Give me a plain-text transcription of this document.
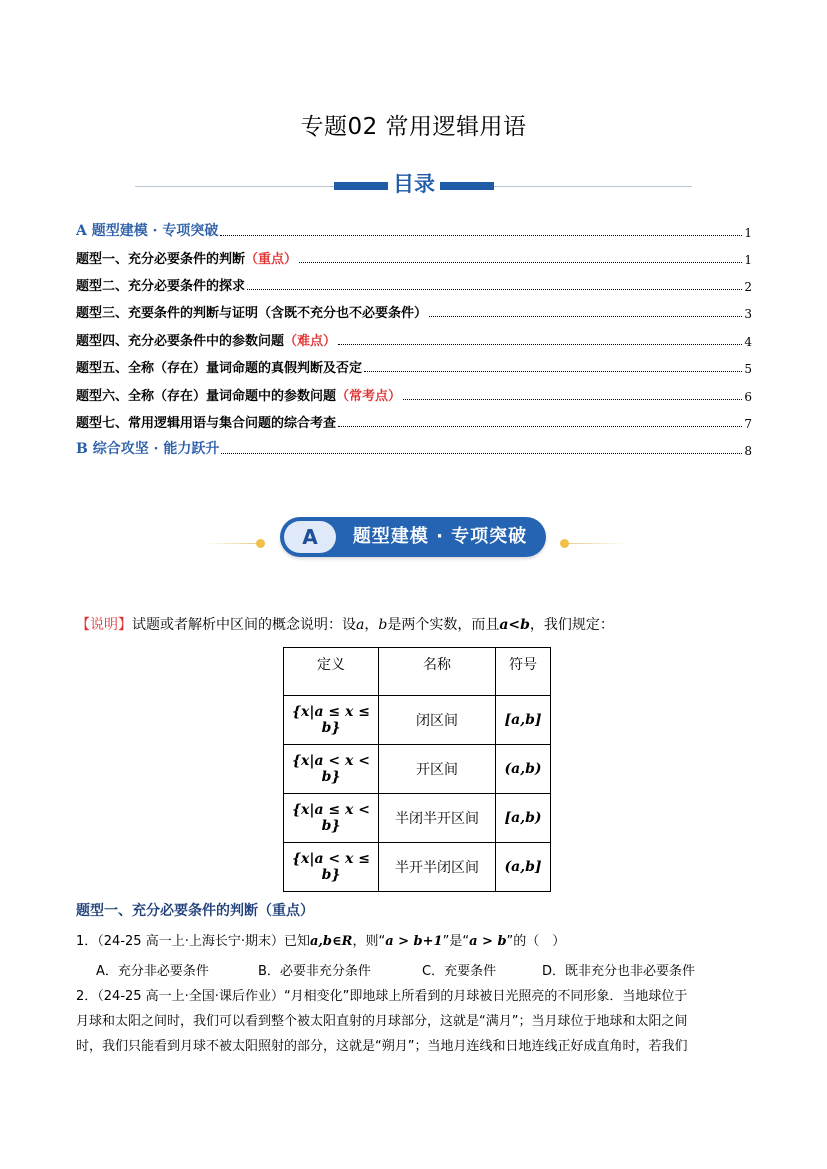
专题02 常用逻辑用语
目录
A 题型建模 · 专项突破	1
题型一、充分必要条件的判断（重点）	1
题型二、充分必要条件的探求	2
题型三、充要条件的判断与证明（含既不充分也不必要条件）	3
题型四、充分必要条件中的参数问题（难点）	4
题型五、全称（存在）量词命题的真假判断及否定	5
题型六、全称（存在）量词命题中的参数问题（常考点）	6
题型七、常用逻辑用语与集合问题的综合考查	7
B 综合攻坚 · 能力跃升	8
A	题型建模 · 专项突破
【说明】试题或者解析中区间的概念说明：设a，b是两个实数，而且a<b，我们规定：
定义	名称	符号
{x|a ≤ x ≤ b}	闭区间	[a,b]
{x|a < x < b}	开区间	(a,b)
{x|a ≤ x < b}	半闭半开区间	[a,b)
{x|a < x ≤ b}	半开半闭区间	(a,b]
题型一、充分必要条件的判断（重点）
1．（24-25 高一上·上海长宁·期末）已知a,b∈R，则“a > b+1”是“a > b”的（　）
A．充分非必要条件	B．必要非充分条件	C．充要条件	D．既非充分也非必要条件
2．（24-25 高一上·全国·课后作业）“月相变化”即地球上所看到的月球被日光照亮的不同形象．当地球位于
月球和太阳之间时，我们可以看到整个被太阳直射的月球部分，这就是“满月”；当月球位于地球和太阳之间
时，我们只能看到月球不被太阳照射的部分，这就是“朔月”；当地月连线和日地连线正好成直角时，若我们
